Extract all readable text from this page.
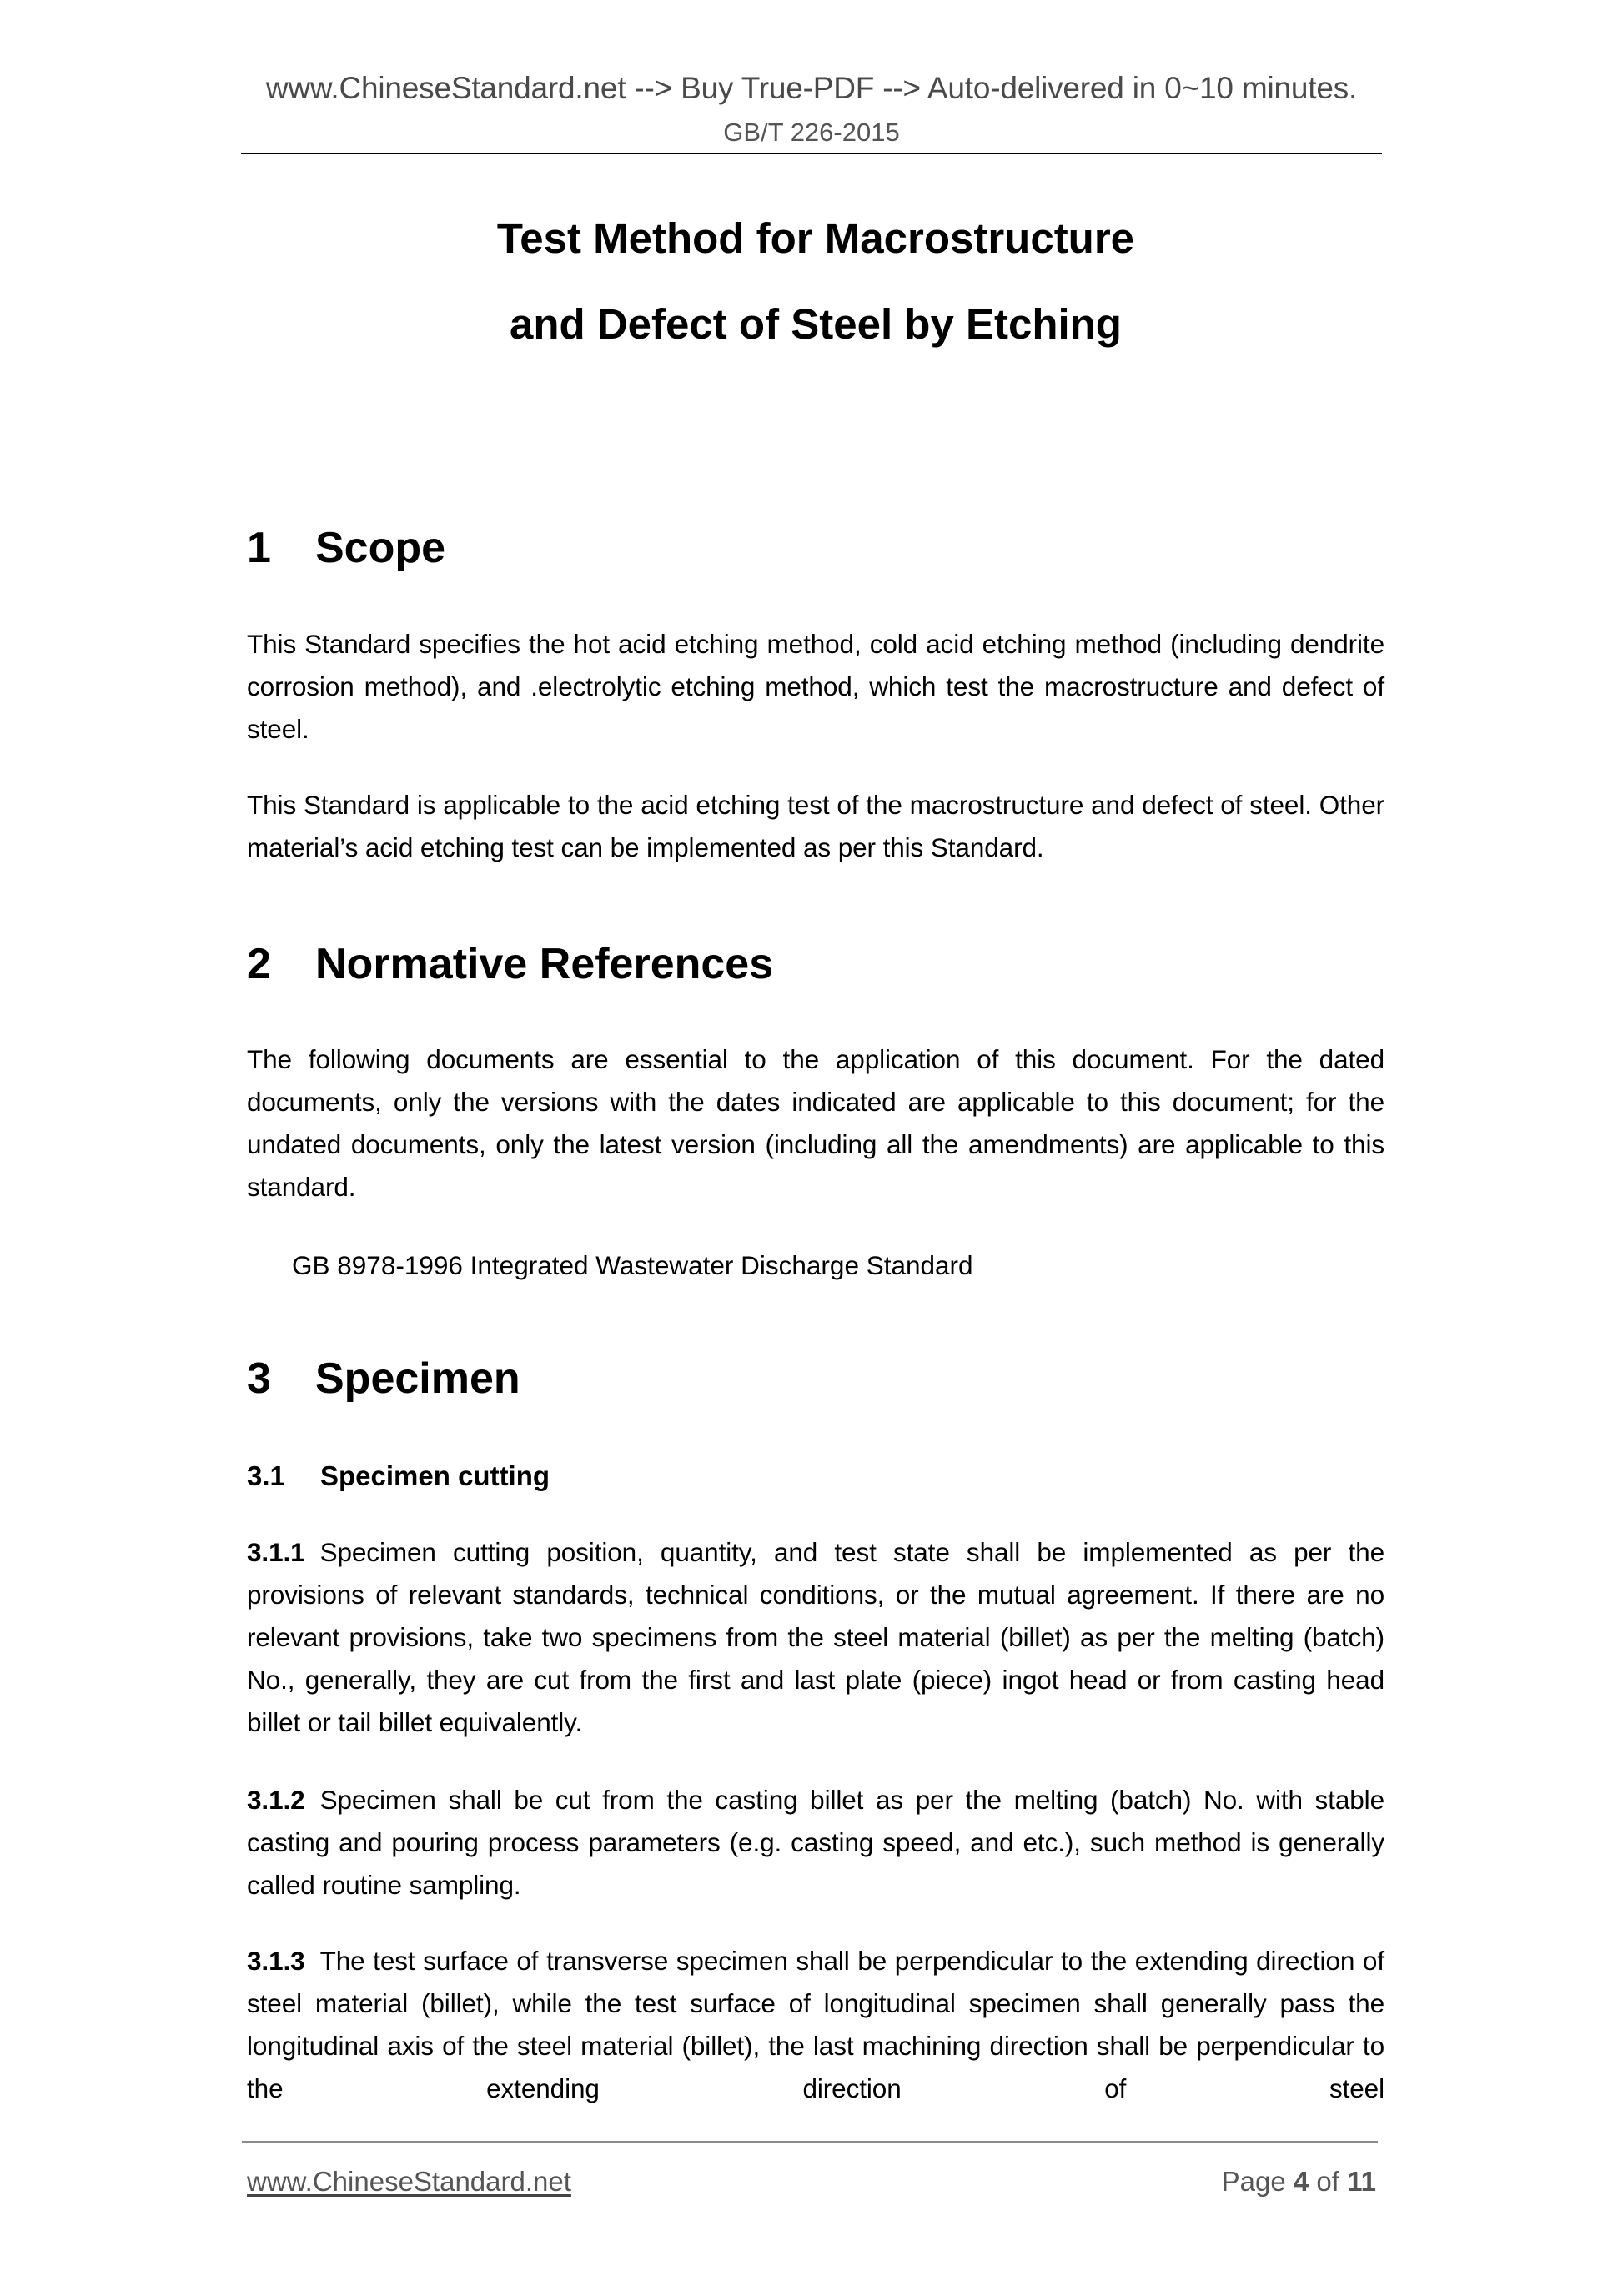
www.ChineseStandard.net --> Buy True-PDF --> Auto-delivered in 0~10 minutes.
GB/T 226-2015
Test Method for Macrostructure
and Defect of Steel by Etching
1 Scope
This Standard specifies the hot acid etching method, cold acid etching method (including dendrite corrosion method), and .electrolytic etching method, which test the macrostructure and defect of steel.
This Standard is applicable to the acid etching test of the macrostructure and defect of steel. Other material’s acid etching test can be implemented as per this Standard.
2 Normative References
The following documents are essential to the application of this document. For the dated documents, only the versions with the dates indicated are applicable to this document; for the undated documents, only the latest version (including all the amendments) are applicable to this standard.
GB 8978-1996 Integrated Wastewater Discharge Standard
3 Specimen
3.1 Specimen cutting
3.1.1 Specimen cutting position, quantity, and test state shall be implemented as per the provisions of relevant standards, technical conditions, or the mutual agreement. If there are no relevant provisions, take two specimens from the steel material (billet) as per the melting (batch) No., generally, they are cut from the first and last plate (piece) ingot head or from casting head billet or tail billet equivalently.
3.1.2 Specimen shall be cut from the casting billet as per the melting (batch) No. with stable casting and pouring process parameters (e.g. casting speed, and etc.), such method is generally called routine sampling.
3.1.3 The test surface of transverse specimen shall be perpendicular to the extending direction of steel material (billet), while the test surface of longitudinal specimen shall generally pass the longitudinal axis of the steel material (billet), the last machining direction shall be perpendicular to the extending direction of steel
www.ChineseStandard.net	Page 4 of 11
